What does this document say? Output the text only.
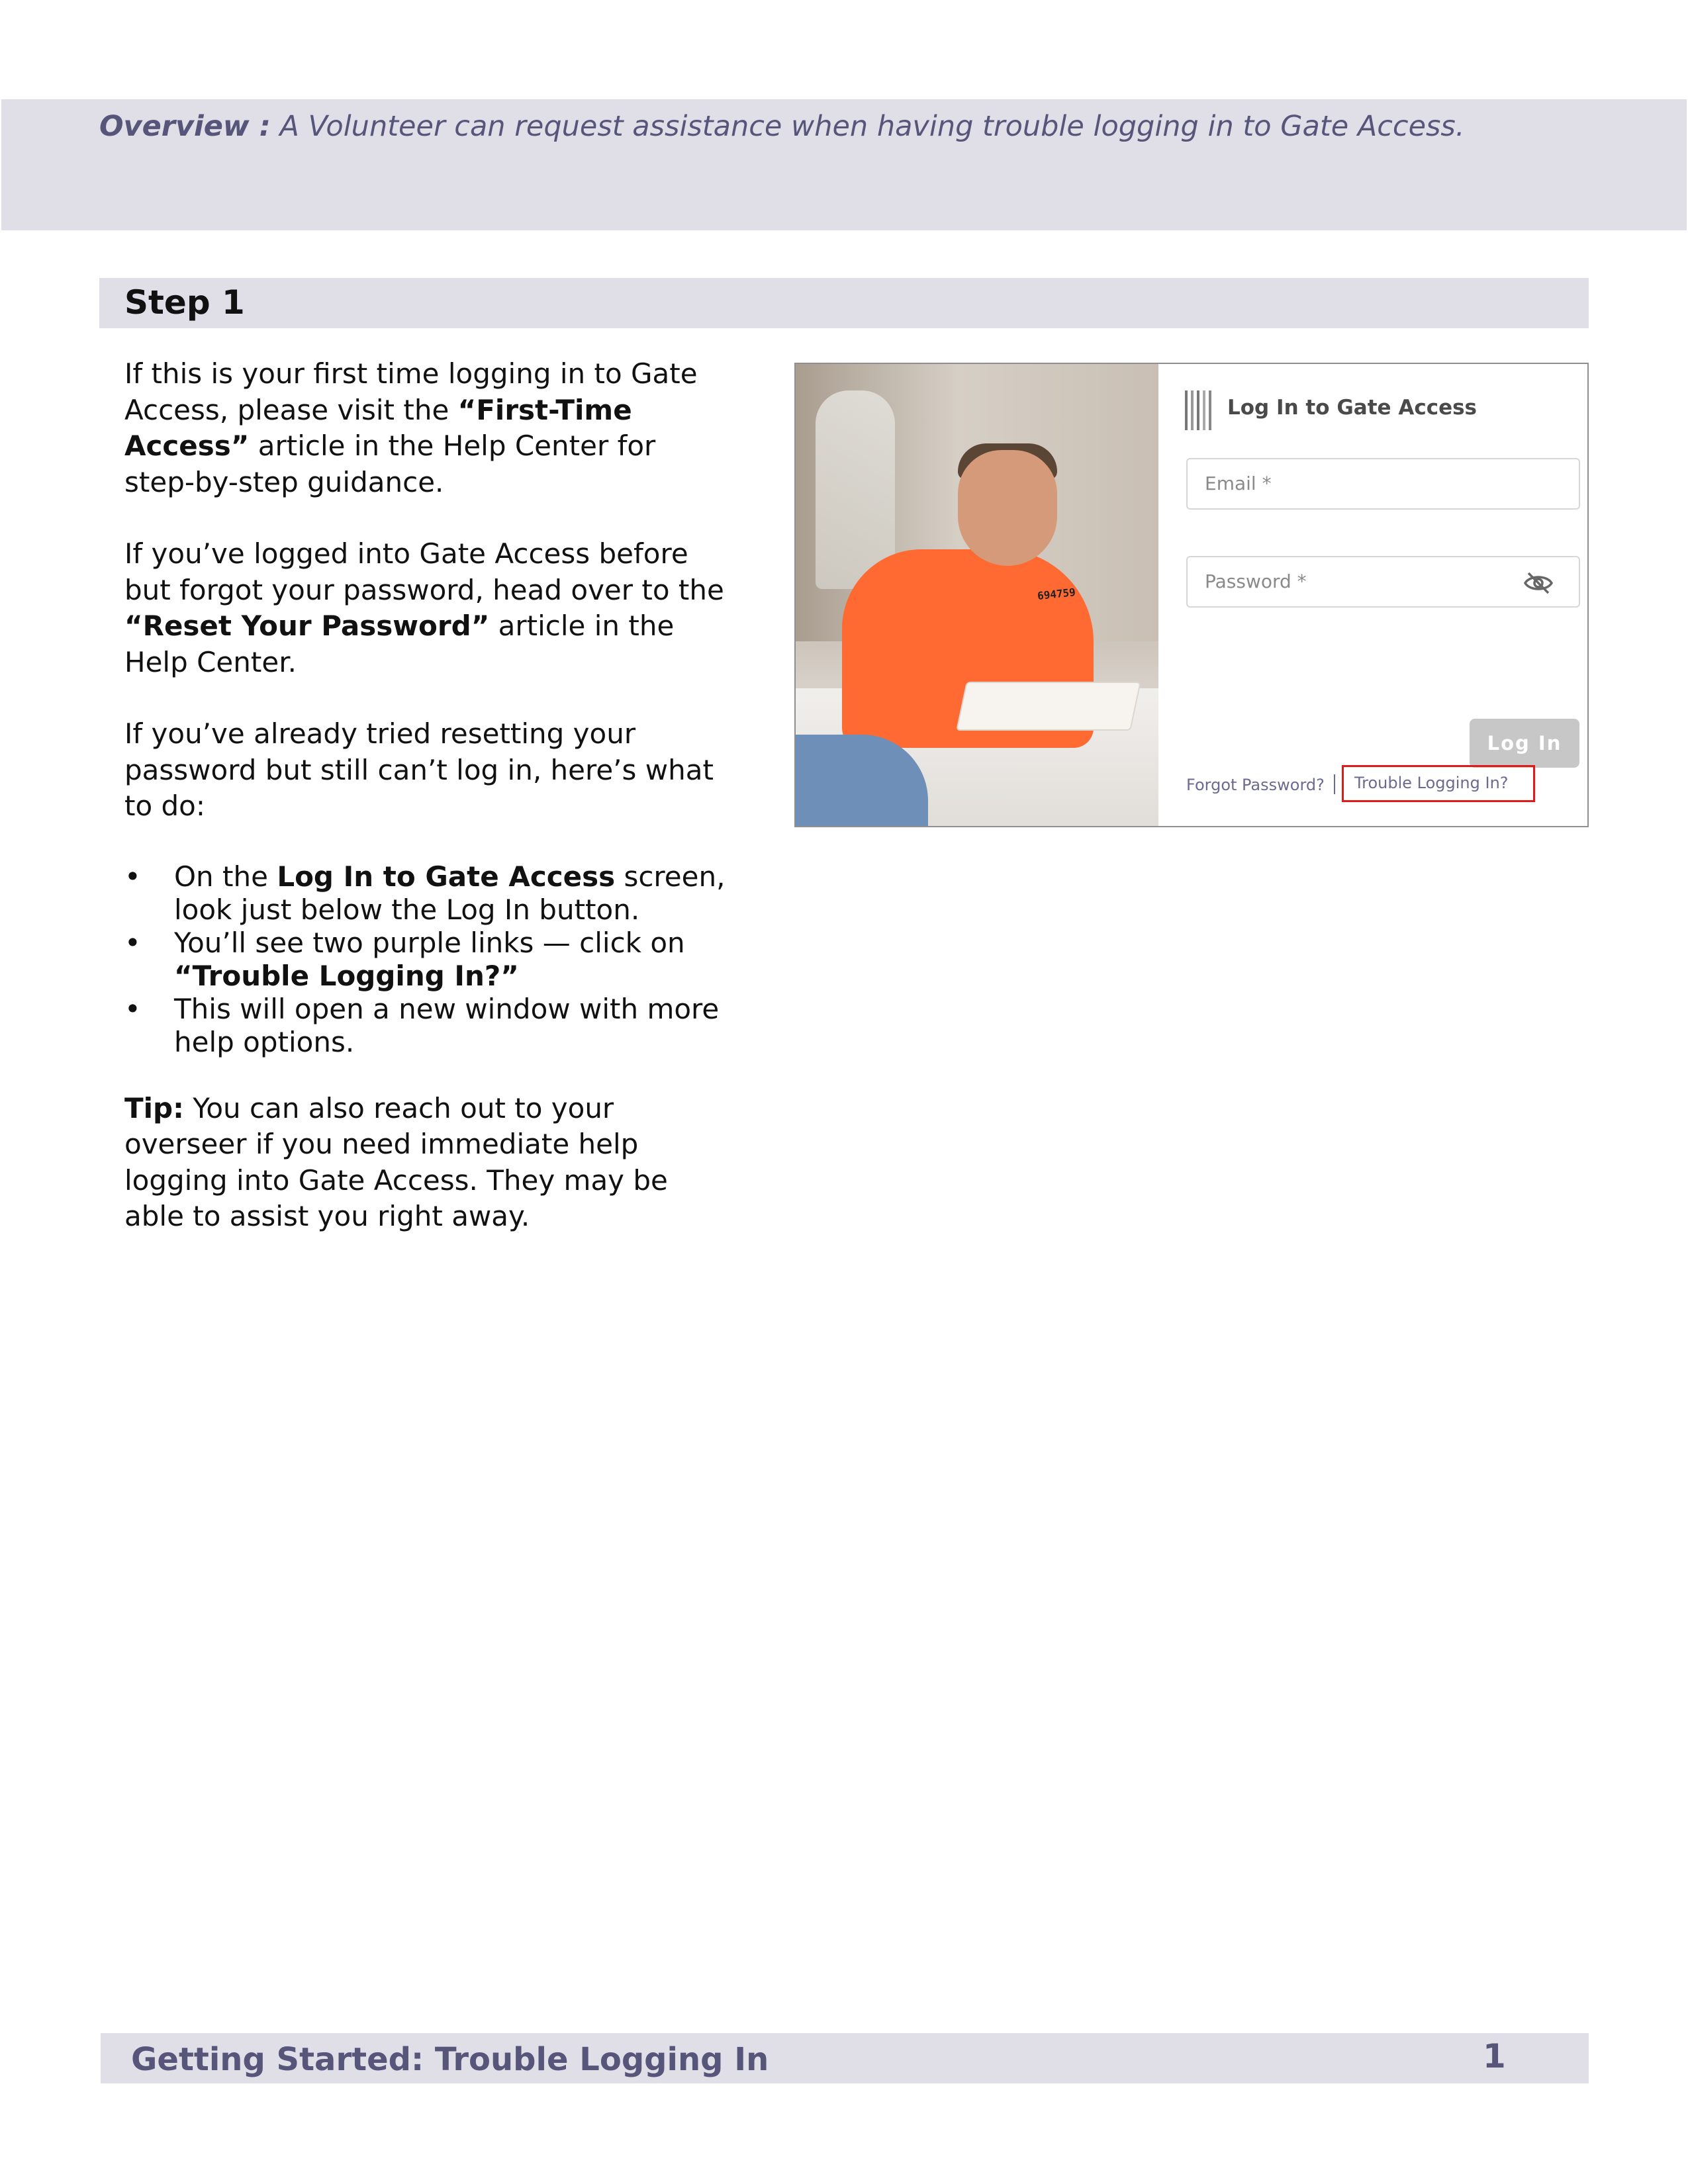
Overview : A Volunteer can request assistance when having trouble logging in to Gate Access.
Step 1

If this is your first time logging in to Gate Access, please visit the “First-Time Access” article in the Help Center for step-by-step guidance.

If you’ve logged into Gate Access before but forgot your password, head over to the “Reset Your Password” article in the Help Center.

If you’ve already tried resetting your password but still can’t log in, here’s what to do:

• On the Log In to Gate Access screen, look just below the Log In button.
• You’ll see two purple links — click on
“Trouble Logging In?”
• This will open a new window with more help options.

Tip: You can also reach out to your overseer if you need immediate help logging into Gate Access. They may be able to assist you right away.

694759
Log In to Gate Access
Email *
Password *
Log In
Forgot Password?	Trouble Logging In?
Getting Started: Trouble Logging In	1
